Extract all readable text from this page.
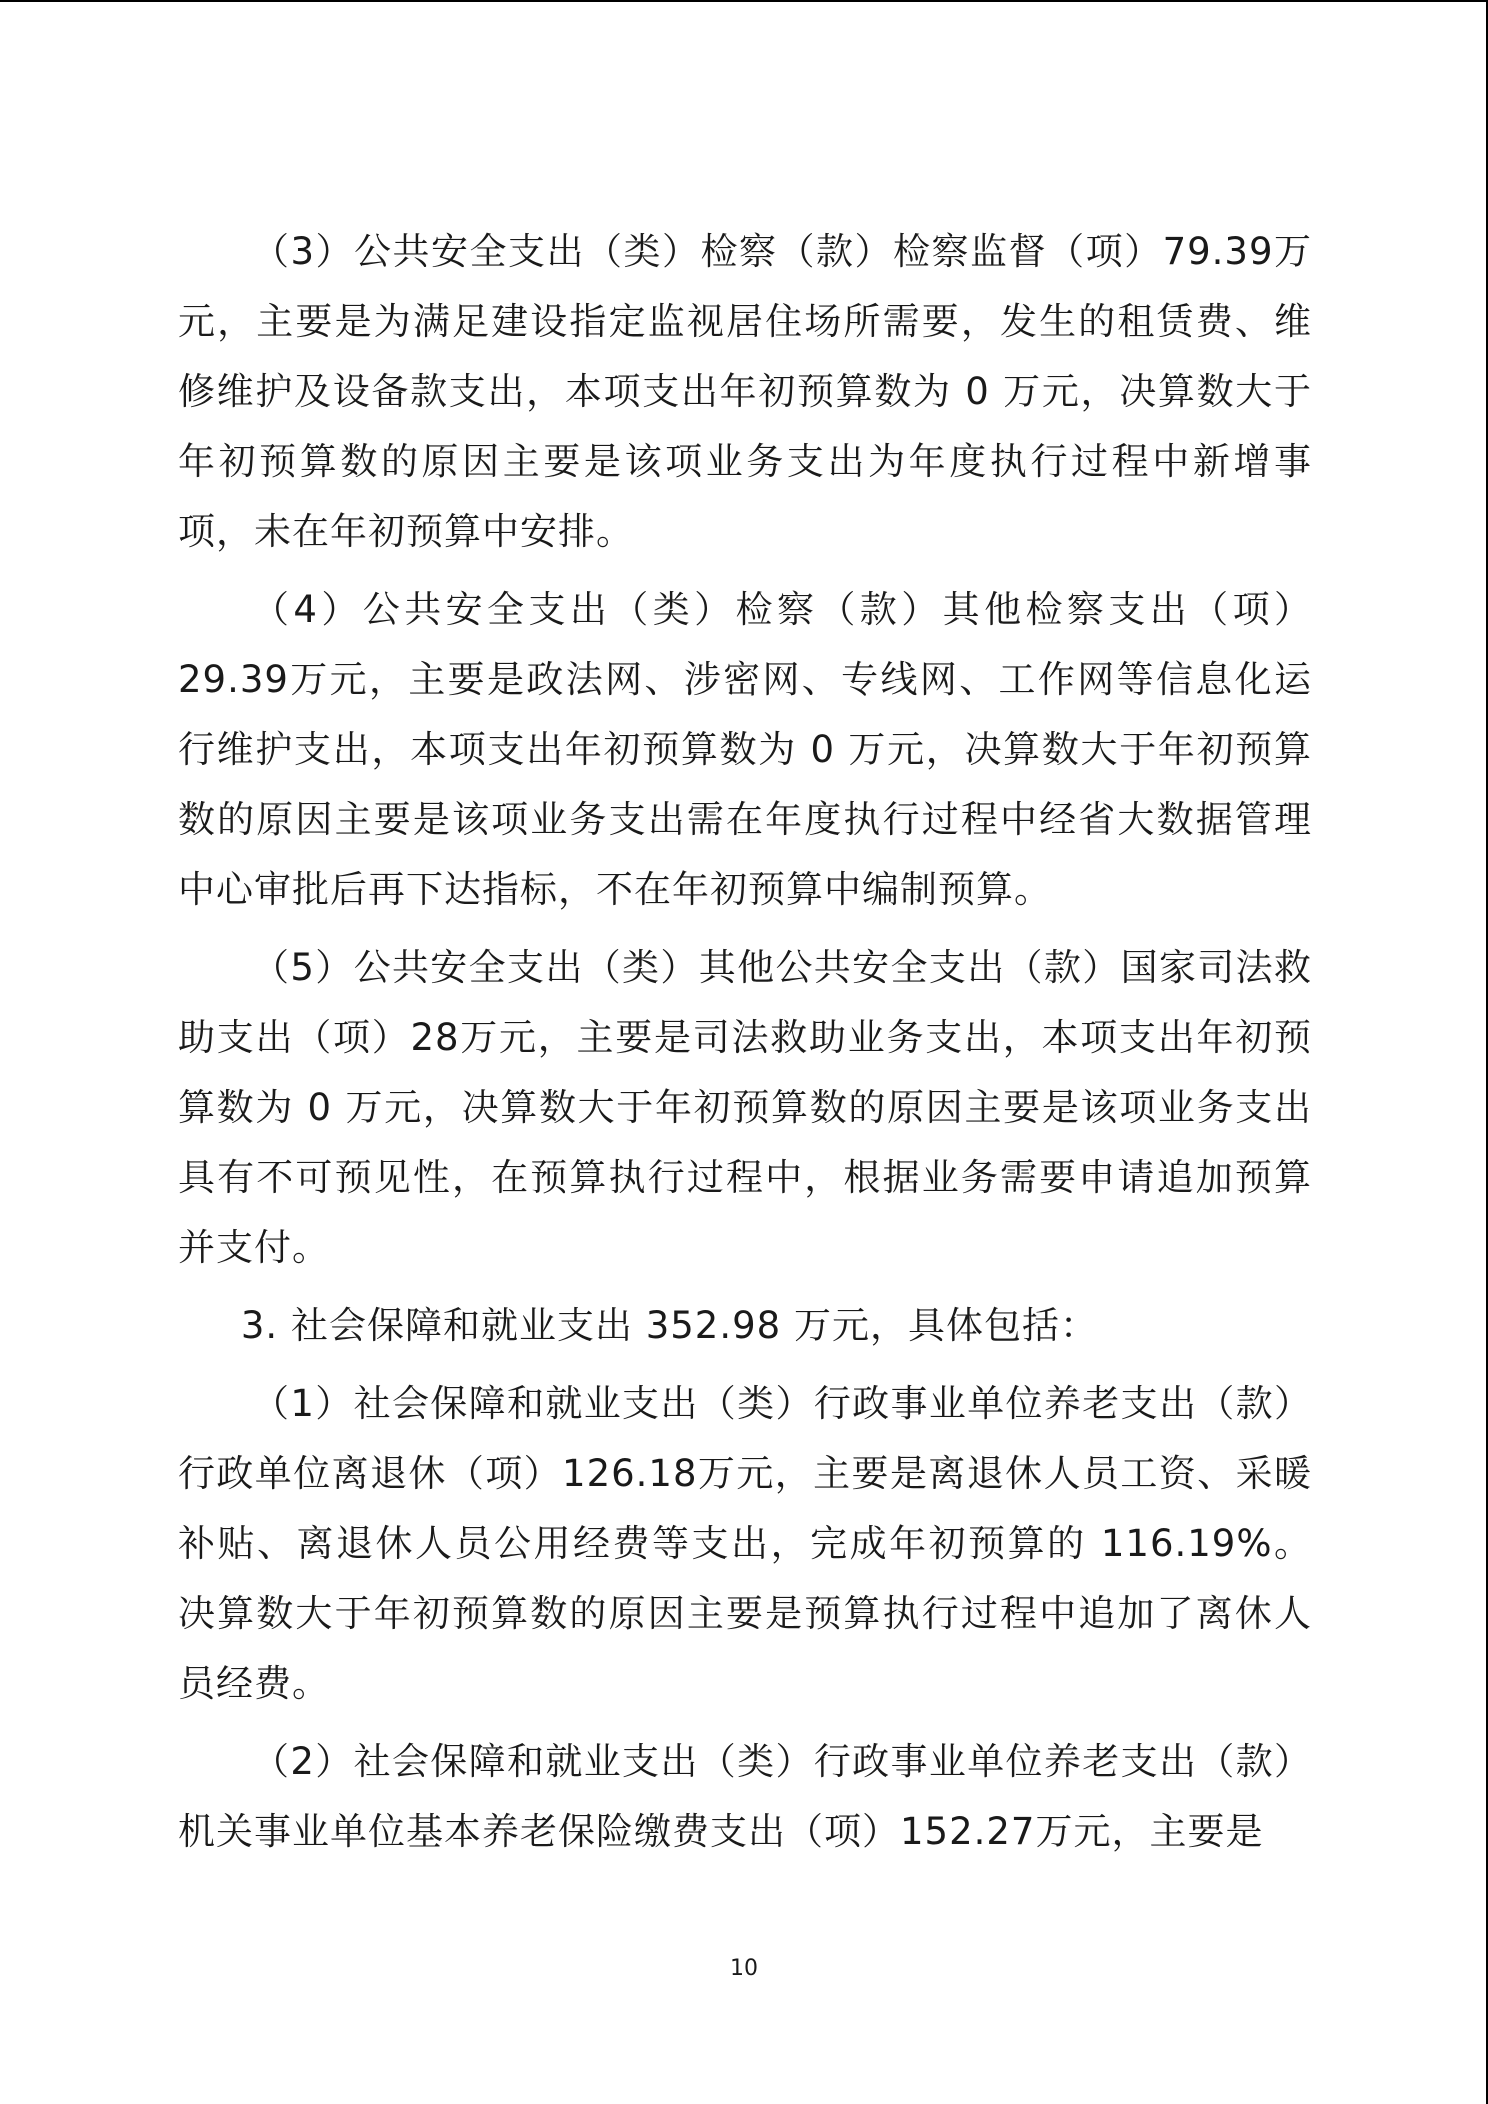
（3）公共安全支出（类）检察（款）检察监督（项）79.39万元，主要是为满足建设指定监视居住场所需要，发生的租赁费、维修维护及设备款支出，本项支出年初预算数为 0 万元，决算数大于年初预算数的原因主要是该项业务支出为年度执行过程中新增事项，未在年初预算中安排。

（4）公共安全支出（类）检察（款）其他检察支出（项）29.39万元，主要是政法网、涉密网、专线网、工作网等信息化运行维护支出，本项支出年初预算数为 0 万元，决算数大于年初预算数的原因主要是该项业务支出需在年度执行过程中经省大数据管理中心审批后再下达指标，不在年初预算中编制预算。

（5）公共安全支出（类）其他公共安全支出（款）国家司法救助支出（项）28万元，主要是司法救助业务支出，本项支出年初预算数为 0 万元，决算数大于年初预算数的原因主要是该项业务支出具有不可预见性，在预算执行过程中，根据业务需要申请追加预算并支付。

3. 社会保障和就业支出 352.98 万元，具体包括：

（1）社会保障和就业支出（类）行政事业单位养老支出（款）行政单位离退休（项）126.18万元，主要是离退休人员工资、采暖补贴、离退休人员公用经费等支出，完成年初预算的 116.19%。决算数大于年初预算数的原因主要是预算执行过程中追加了离休人员经费。

（2）社会保障和就业支出（类）行政事业单位养老支出（款）机关事业单位基本养老保险缴费支出（项）152.27万元，主要是

10
